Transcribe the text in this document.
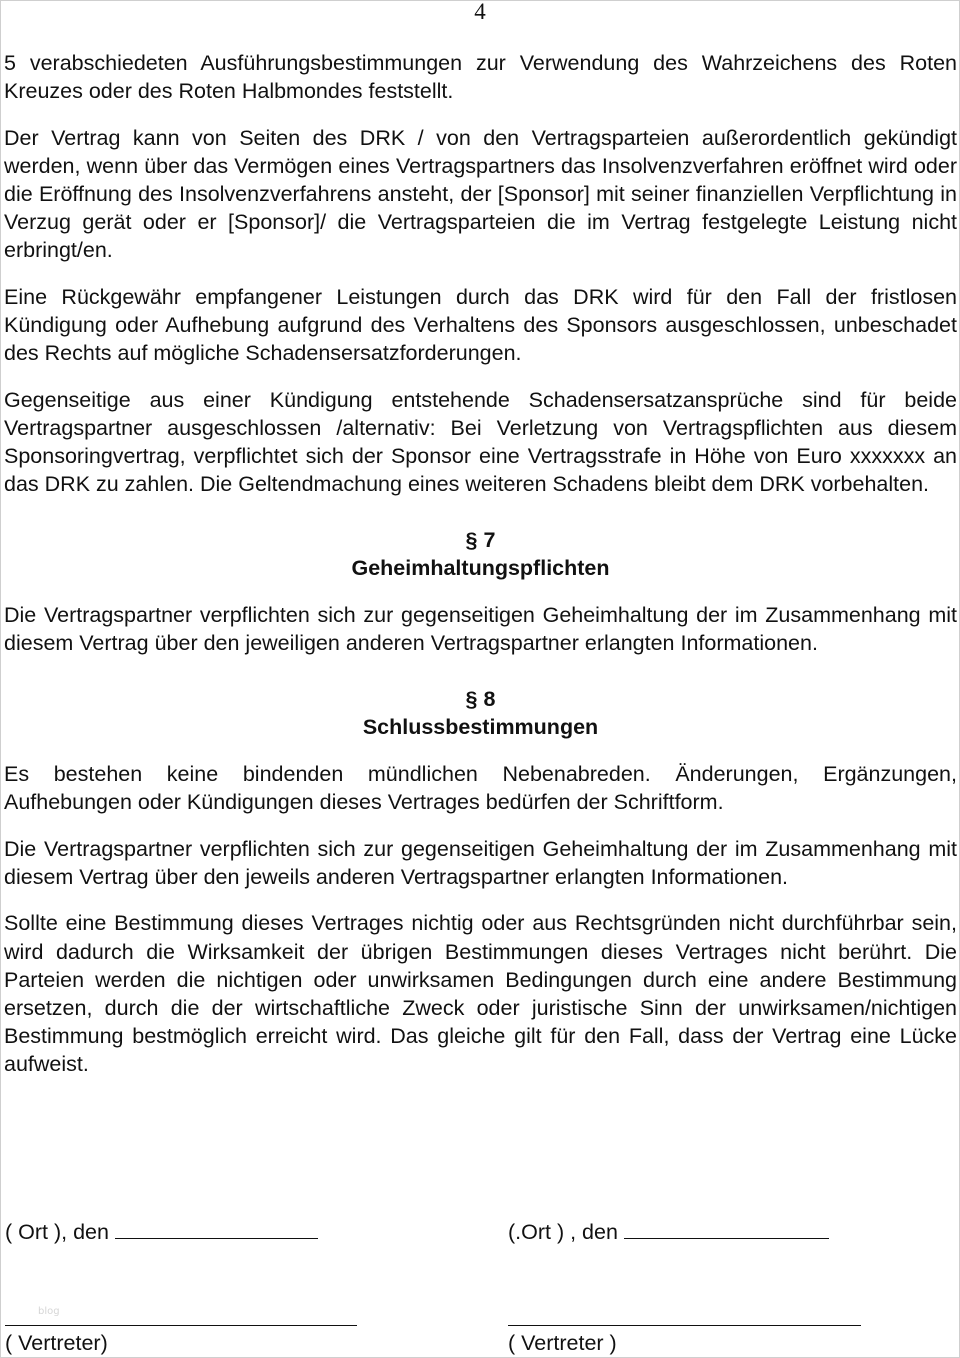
4

5 verabschiedeten Ausführungsbestimmungen zur Verwendung des Wahrzeichens des Roten Kreuzes oder des Roten Halbmondes feststellt.

Der Vertrag kann von Seiten des DRK / von den Vertragsparteien außerordentlich gekündigt werden, wenn über das Vermögen eines Vertragspartners das Insolvenzverfahren eröffnet wird oder die Eröffnung des Insolvenzverfahrens ansteht, der [Sponsor] mit seiner finanziellen Verpflichtung in Verzug gerät oder er [Sponsor]/ die Vertragsparteien die im Vertrag festgelegte Leistung nicht erbringt/en.

Eine Rückgewähr empfangener Leistungen durch das DRK wird für den Fall der fristlosen Kündigung oder Aufhebung aufgrund des Verhaltens des Sponsors ausgeschlossen, unbeschadet des Rechts auf mögliche Schadensersatzforderungen.

Gegenseitige aus einer Kündigung entstehende Schadensersatzansprüche sind für beide Vertragspartner ausgeschlossen /alternativ: Bei Verletzung von Vertragspflichten aus diesem Sponsoringvertrag, verpflichtet sich der Sponsor eine Vertragsstrafe in Höhe von Euro xxxxxxx an das DRK zu zahlen. Die Geltendmachung eines weiteren Schadens bleibt dem DRK vorbehalten.

§ 7
Geheimhaltungspflichten

Die Vertragspartner verpflichten sich zur gegenseitigen Geheimhaltung der im Zusammenhang mit diesem Vertrag über den jeweiligen anderen Vertragspartner erlangten Informationen.

§ 8
Schlussbestimmungen

Es bestehen keine bindenden mündlichen Nebenabreden. Änderungen, Ergänzungen, Aufhebungen oder Kündigungen dieses Vertrages bedürfen der Schriftform.

Die Vertragspartner verpflichten sich zur gegenseitigen Geheimhaltung der im Zusammenhang mit diesem Vertrag über den jeweils anderen Vertragspartner erlangten Informationen.

Sollte eine Bestimmung dieses Vertrages nichtig oder aus Rechtsgründen nicht durchführbar sein, wird dadurch die Wirksamkeit der übrigen Bestimmungen dieses Vertrages nicht berührt. Die Parteien werden die nichtigen oder unwirksamen Bedingungen durch eine andere Bestimmung ersetzen, durch die der wirtschaftliche Zweck oder juristische Sinn der unwirksamen/nichtigen Bestimmung bestmöglich erreicht wird. Das gleiche gilt für den Fall, dass der Vertrag eine Lücke aufweist.

( Ort ), den	(.Ort ) , den
blog
( Vertreter)	( Vertreter )
